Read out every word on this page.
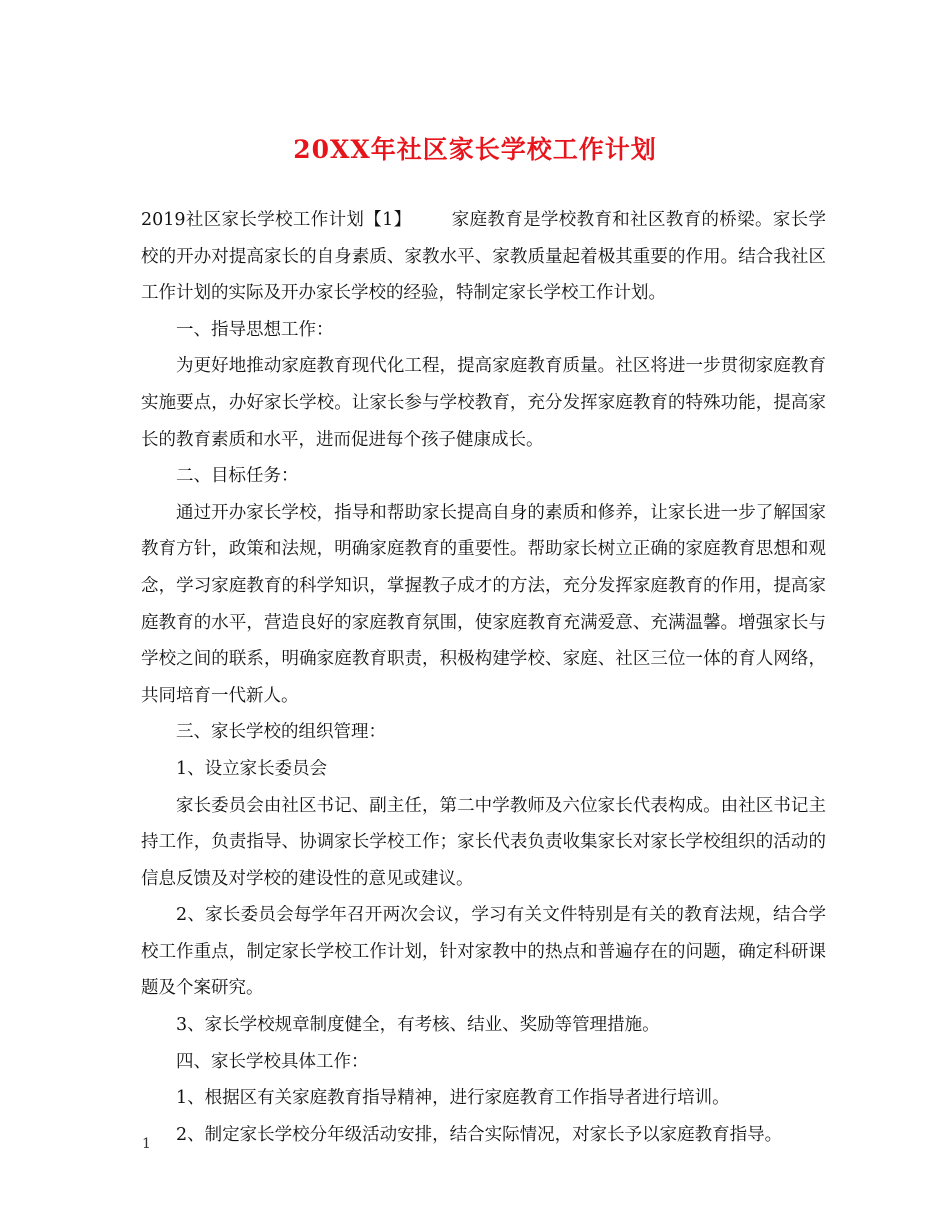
20XX年社区家长学校工作计划

2019社区家长学校工作计划【1】 家庭教育是学校教育和社区教育的桥梁。家长学校的开办对提高家长的自身素质、家教水平、家教质量起着极其重要的作用。结合我社区工作计划的实际及开办家长学校的经验，特制定家长学校工作计划。

一、指导思想工作：

为更好地推动家庭教育现代化工程，提高家庭教育质量。社区将进一步贯彻家庭教育实施要点，办好家长学校。让家长参与学校教育，充分发挥家庭教育的特殊功能，提高家长的教育素质和水平，进而促进每个孩子健康成长。

二、目标任务：

通过开办家长学校，指导和帮助家长提高自身的素质和修养，让家长进一步了解国家教育方针，政策和法规，明确家庭教育的重要性。帮助家长树立正确的家庭教育思想和观念，学习家庭教育的科学知识，掌握教子成才的方法，充分发挥家庭教育的作用，提高家庭教育的水平，营造良好的家庭教育氛围，使家庭教育充满爱意、充满温馨。增强家长与学校之间的联系，明确家庭教育职责，积极构建学校、家庭、社区三位一体的育人网络，共同培育一代新人。

三、家长学校的组织管理：

1、设立家长委员会

家长委员会由社区书记、副主任，第二中学教师及六位家长代表构成。由社区书记主持工作，负责指导、协调家长学校工作；家长代表负责收集家长对家长学校组织的活动的信息反馈及对学校的建设性的意见或建议。

2、家长委员会每学年召开两次会议，学习有关文件特别是有关的教育法规，结合学校工作重点，制定家长学校工作计划，针对家教中的热点和普遍存在的问题，确定科研课题及个案研究。

3、家长学校规章制度健全，有考核、结业、奖励等管理措施。

四、家长学校具体工作：

1、根据区有关家庭教育指导精神，进行家庭教育工作指导者进行培训。

2、制定家长学校分年级活动安排，结合实际情况，对家长予以家庭教育指导。

1
